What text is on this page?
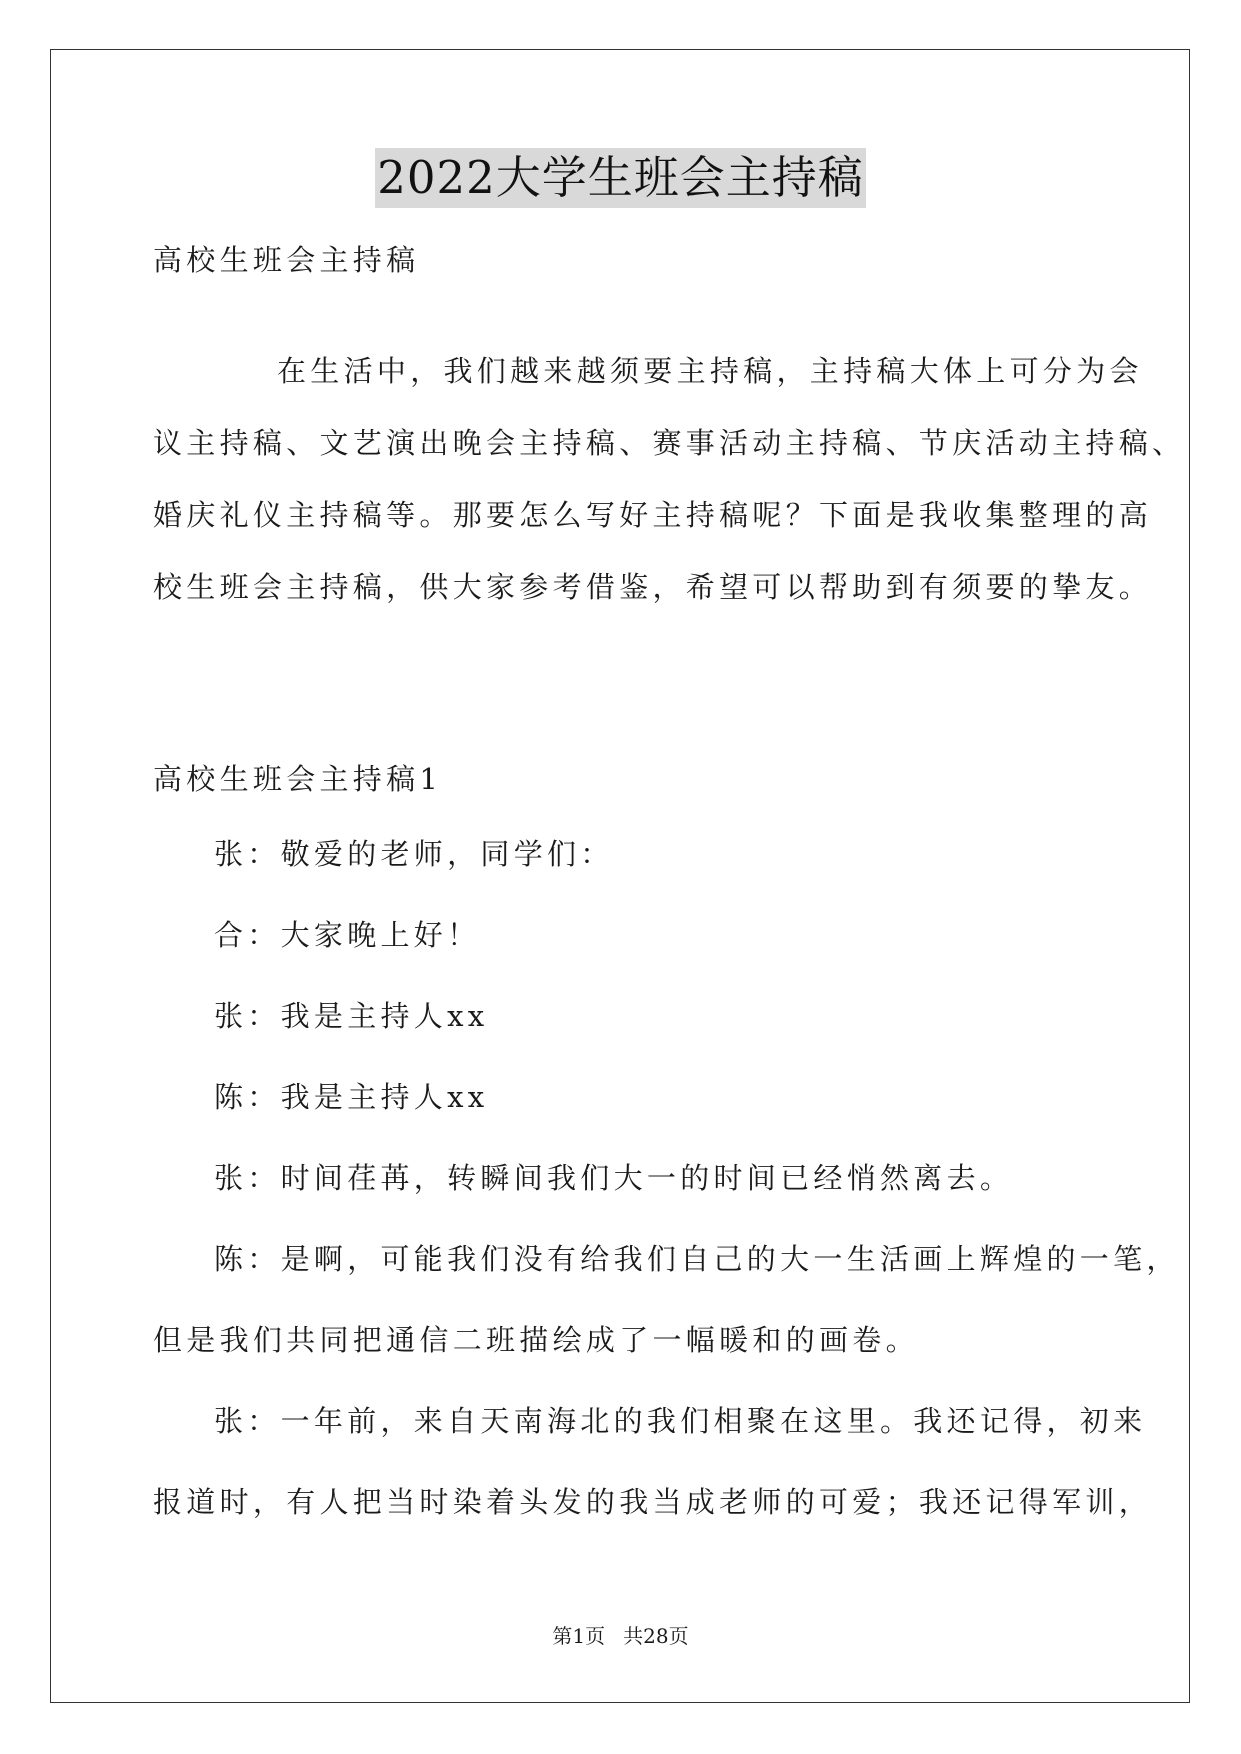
2022大学生班会主持稿
高校生班会主持稿
在生活中，我们越来越须要主持稿，主持稿大体上可分为会
议主持稿、文艺演出晚会主持稿、赛事活动主持稿、节庆活动主持稿、
婚庆礼仪主持稿等。那要怎么写好主持稿呢？下面是我收集整理的高
校生班会主持稿，供大家参考借鉴，希望可以帮助到有须要的挚友。
高校生班会主持稿1
张：敬爱的老师，同学们：
合：大家晚上好！
张：我是主持人xx
陈：我是主持人xx
张：时间荏苒，转瞬间我们大一的时间已经悄然离去。
陈：是啊，可能我们没有给我们自己的大一生活画上辉煌的一笔，
但是我们共同把通信二班描绘成了一幅暖和的画卷。
张：一年前，来自天南海北的我们相聚在这里。我还记得，初来
报道时，有人把当时染着头发的我当成老师的可爱；我还记得军训，
第1页 共28页
